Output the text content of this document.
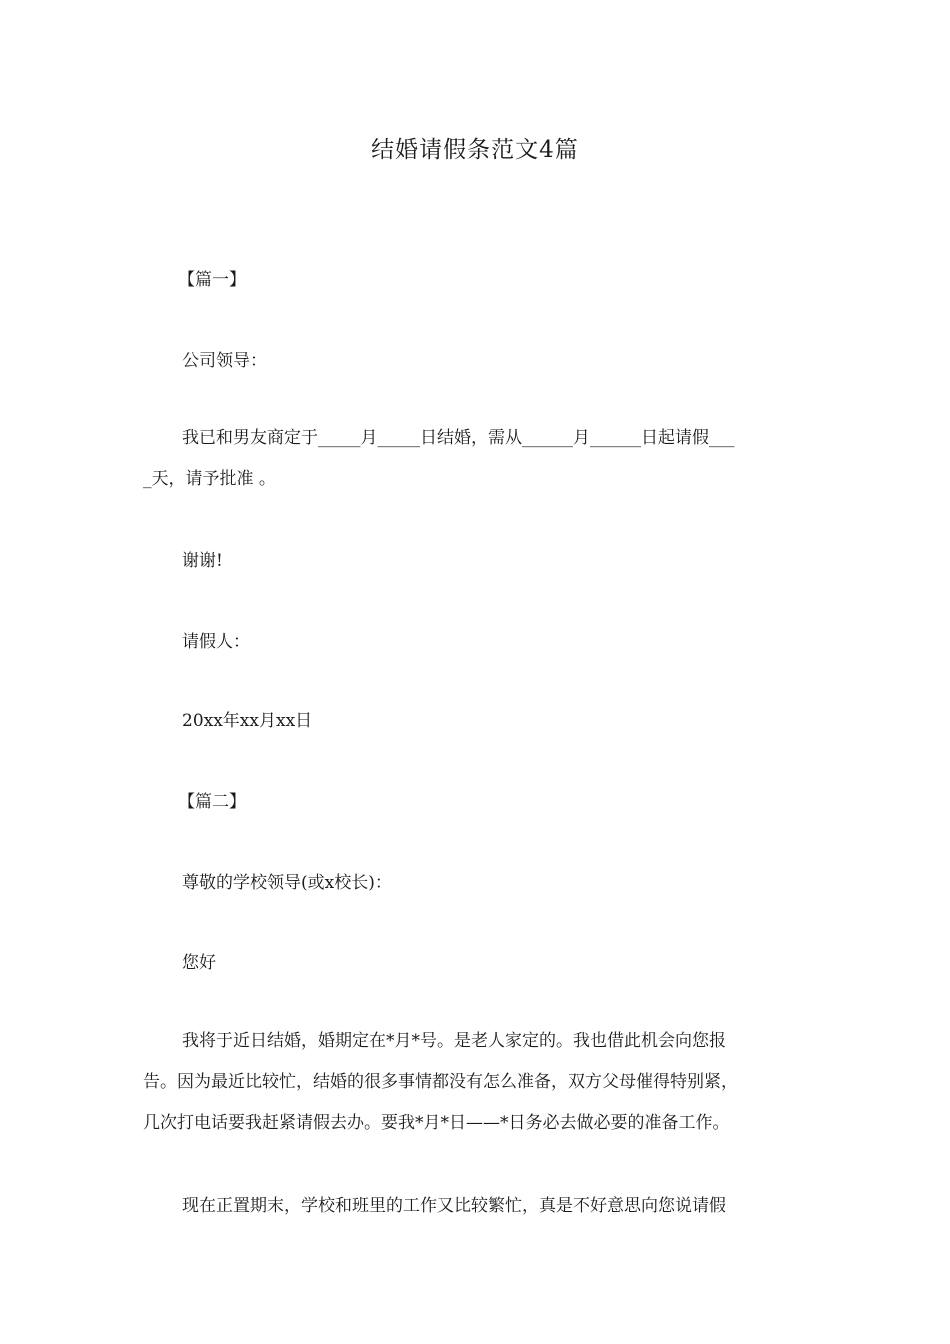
结婚请假条范文4篇
【篇一】
公司领导：
我已和男友商定于_____月_____日结婚，需从______月______日起请假___
_天，请予批准 。
谢谢!
请假人：
20xx年xx月xx日
【篇二】
尊敬的学校领导(或x校长)：
您好
我将于近日结婚，婚期定在*月*号。是老人家定的。我也借此机会向您报
告。因为最近比较忙，结婚的很多事情都没有怎么准备，双方父母催得特别紧，
几次打电话要我赶紧请假去办。要我*月*日——*日务必去做必要的准备工作。
现在正置期末，学校和班里的工作又比较繁忙，真是不好意思向您说请假
